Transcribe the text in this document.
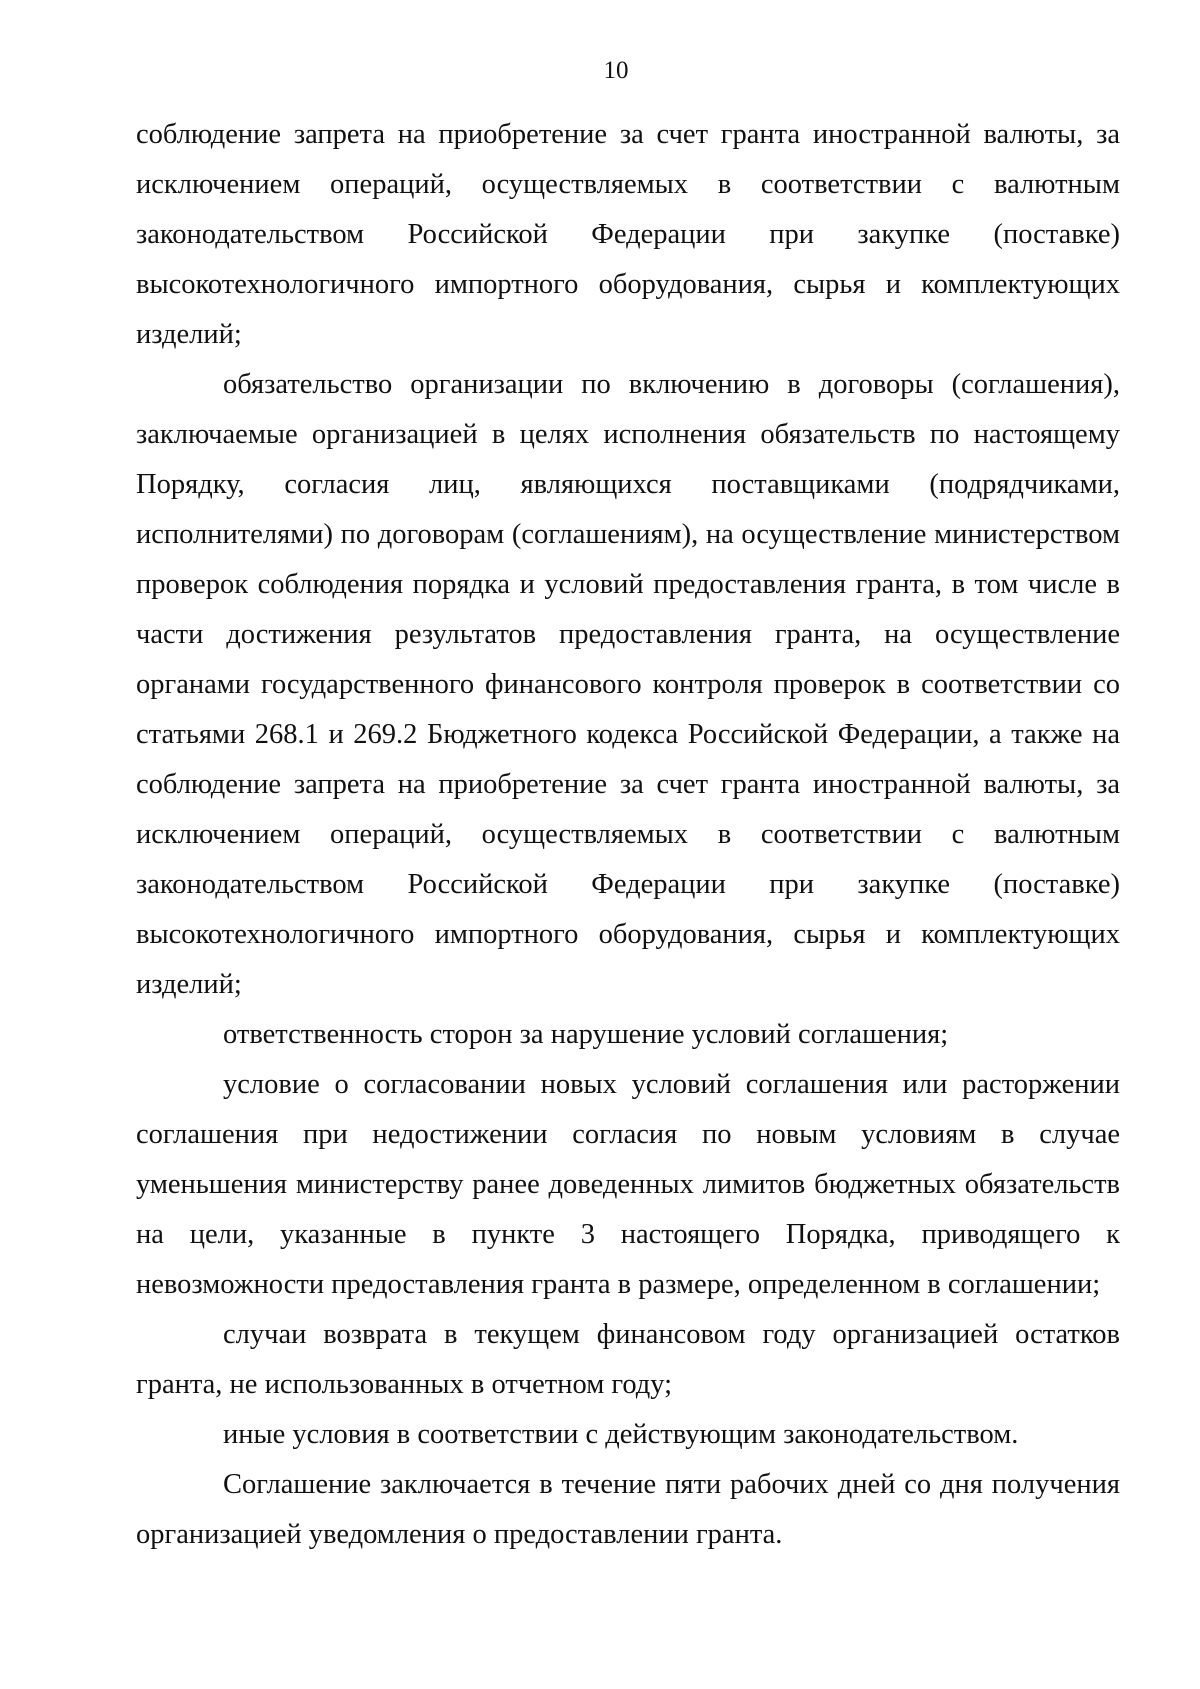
10

соблюдение запрета на приобретение за счет гранта иностранной валюты, за исключением операций, осуществляемых в соответствии с валютным законодательством Российской Федерации при закупке (поставке) высокотехнологичного импортного оборудования, сырья и комплектующих изделий;

обязательство организации по включению в договоры (соглашения), заключаемые организацией в целях исполнения обязательств по настоящему Порядку, согласия лиц, являющихся поставщиками (подрядчиками, исполнителями) по договорам (соглашениям), на осуществление министерством проверок соблюдения порядка и условий предоставления гранта, в том числе в части достижения результатов предоставления гранта, на осуществление органами государственного финансового контроля проверок в соответствии со статьями 268.1 и 269.2 Бюджетного кодекса Российской Федерации, а также на соблюдение запрета на приобретение за счет гранта иностранной валюты, за исключением операций, осуществляемых в соответствии с валютным законодательством Российской Федерации при закупке (поставке) высокотехнологичного импортного оборудования, сырья и комплектующих изделий;

ответственность сторон за нарушение условий соглашения;

условие о согласовании новых условий соглашения или расторжении соглашения при недостижении согласия по новым условиям в случае уменьшения министерству ранее доведенных лимитов бюджетных обязательств на цели, указанные в пункте 3 настоящего Порядка, приводящего к невозможности предоставления гранта в размере, определенном в соглашении;

случаи возврата в текущем финансовом году организацией остатков гранта, не использованных в отчетном году;

иные условия в соответствии с действующим законодательством.

Соглашение заключается в течение пяти рабочих дней со дня получения организацией уведомления о предоставлении гранта.
